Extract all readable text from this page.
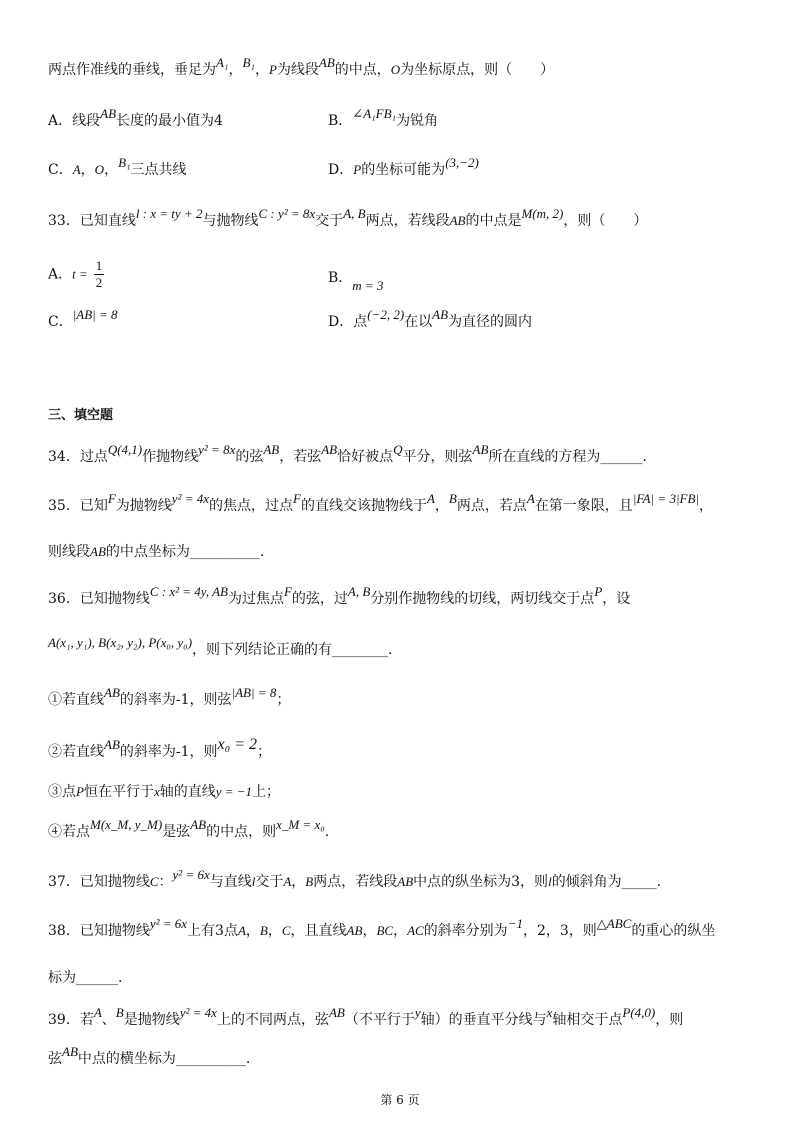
两点作准线的垂线，垂足为A₁，B₁，P为线段AB的中点，O为坐标原点，则（　　）
A．线段AB长度的最小值为4	B．∠A₁FB₁为锐角
C．A，O，B₁三点共线	D．P的坐标可能为(3,−2)
33．已知直线l : x = ty + 2与抛物线C : y² = 8x交于A, B两点，若线段AB的中点是M(m, 2)，则（　　）
A．$t = \frac{1}{2}$	B．m = 3
C．|AB| = 8	D．点(−2, 2)在以AB为直径的圆内
三、填空题
34．过点Q(4,1)作抛物线y² = 8x的弦AB，若弦AB恰好被点Q平分，则弦AB所在直线的方程为______.
35．已知F为抛物线y² = 4x的焦点，过点F的直线交该抛物线于A，B两点，若点A在第一象限，且|FA| = 3|FB|，
则线段AB的中点坐标为__________.
36．已知抛物线C : x² = 4y, AB为过焦点F的弦，过A, B分别作抛物线的切线，两切线交于点P，设
A(x₁, y₁), B(x₂, y₂), P(x₀, y₀)，则下列结论正确的有________.
①若直线AB的斜率为-1，则弦|AB| = 8；
②若直线AB的斜率为-1，则x₀ = 2；
③点P恒在平行于x轴的直线y = −1上；
④若点M(x_M, y_M)是弦AB的中点，则x_M = x₀.
37．已知抛物线C：y² = 6x与直线l交于A，B两点，若线段AB中点的纵坐标为3，则l的倾斜角为_____.
38．已知抛物线y² = 6x上有3点A，B，C，且直线AB，BC，AC的斜率分别为−1，2，3，则△ABC的重心的纵坐
标为______.
39．若A、B是抛物线y² = 4x上的不同两点，弦AB（不平行于y轴）的垂直平分线与x轴相交于点P(4,0)，则
弦AB中点的横坐标为__________.
第 6 页
